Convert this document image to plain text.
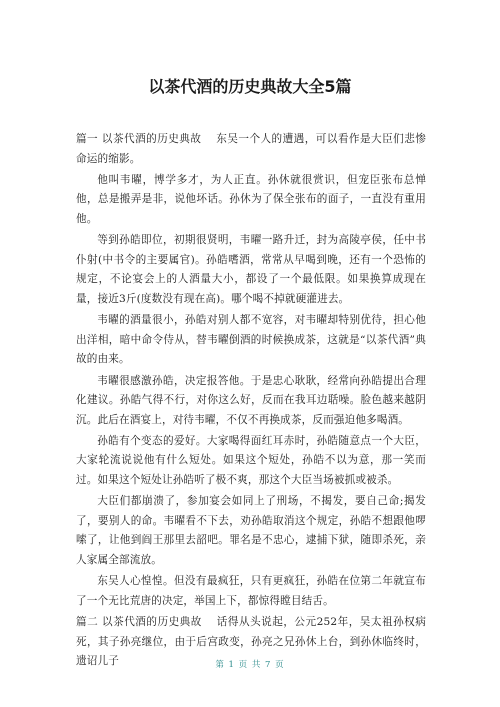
以茶代酒的历史典故大全5篇

篇一 以茶代酒的历史典故　 东吴一个人的遭遇，可以看作是大臣们悲惨命运的缩影。

他叫韦曜，博学多才，为人正直。孙休就很赏识，但宠臣张布总惮他，总是搬弄是非，说他坏话。孙休为了保全张布的面子，一直没有重用他。

等到孙皓即位，初期很贤明，韦曜一路升迁，封为高陵亭侯，任中书仆射(中书令的主要属官)。孙皓嗜酒，常常从早喝到晚，还有一个恐怖的规定，不论宴会上的人酒量大小，都设了一个最低限。如果换算成现在量，接近3斤(度数没有现在高)。哪个喝不掉就硬灌进去。

韦曜的酒量很小，孙皓对别人都不宽容，对韦曜却特别优待，担心他出洋相，暗中命令侍从，替韦曜倒酒的时候换成茶，这就是“以茶代酒”典故的由来。

韦曜很感激孙皓，决定报答他。于是忠心耿耿，经常向孙皓提出合理化建议。孙皓气得不行，对你这么好，反而在我耳边聒噪。脸色越来越阴沉。此后在酒宴上，对待韦曜，不仅不再换成茶，反而强迫他多喝酒。

孙皓有个变态的爱好。大家喝得面红耳赤时，孙皓随意点一个大臣，大家轮流说说他有什么短处。如果这个短处，孙皓不以为意，那一笑而过。如果这个短处让孙皓听了极不爽，那这个大臣当场被抓或被杀。

大臣们都崩溃了，参加宴会如同上了刑场，不揭发，要自己命;揭发了，要别人的命。韦曜看不下去，劝孙皓取消这个规定，孙皓不想跟他啰嗦了，让他到阎王那里去韶吧。罪名是不忠心，逮捕下狱，随即杀死，亲人家属全部流放。

东吴人心惶惶。但没有最疯狂，只有更疯狂，孙皓在位第二年就宣布了一个无比荒唐的决定，举国上下，都惊得瞠目结舌。

篇二 以茶代酒的历史典故　 话得从头说起，公元252年，吴太祖孙权病死，其子孙亮继位，由于后宫政变，孙亮之兄孙休上台，到孙休临终时，遗诏儿子	第 1 页 共 7 页
